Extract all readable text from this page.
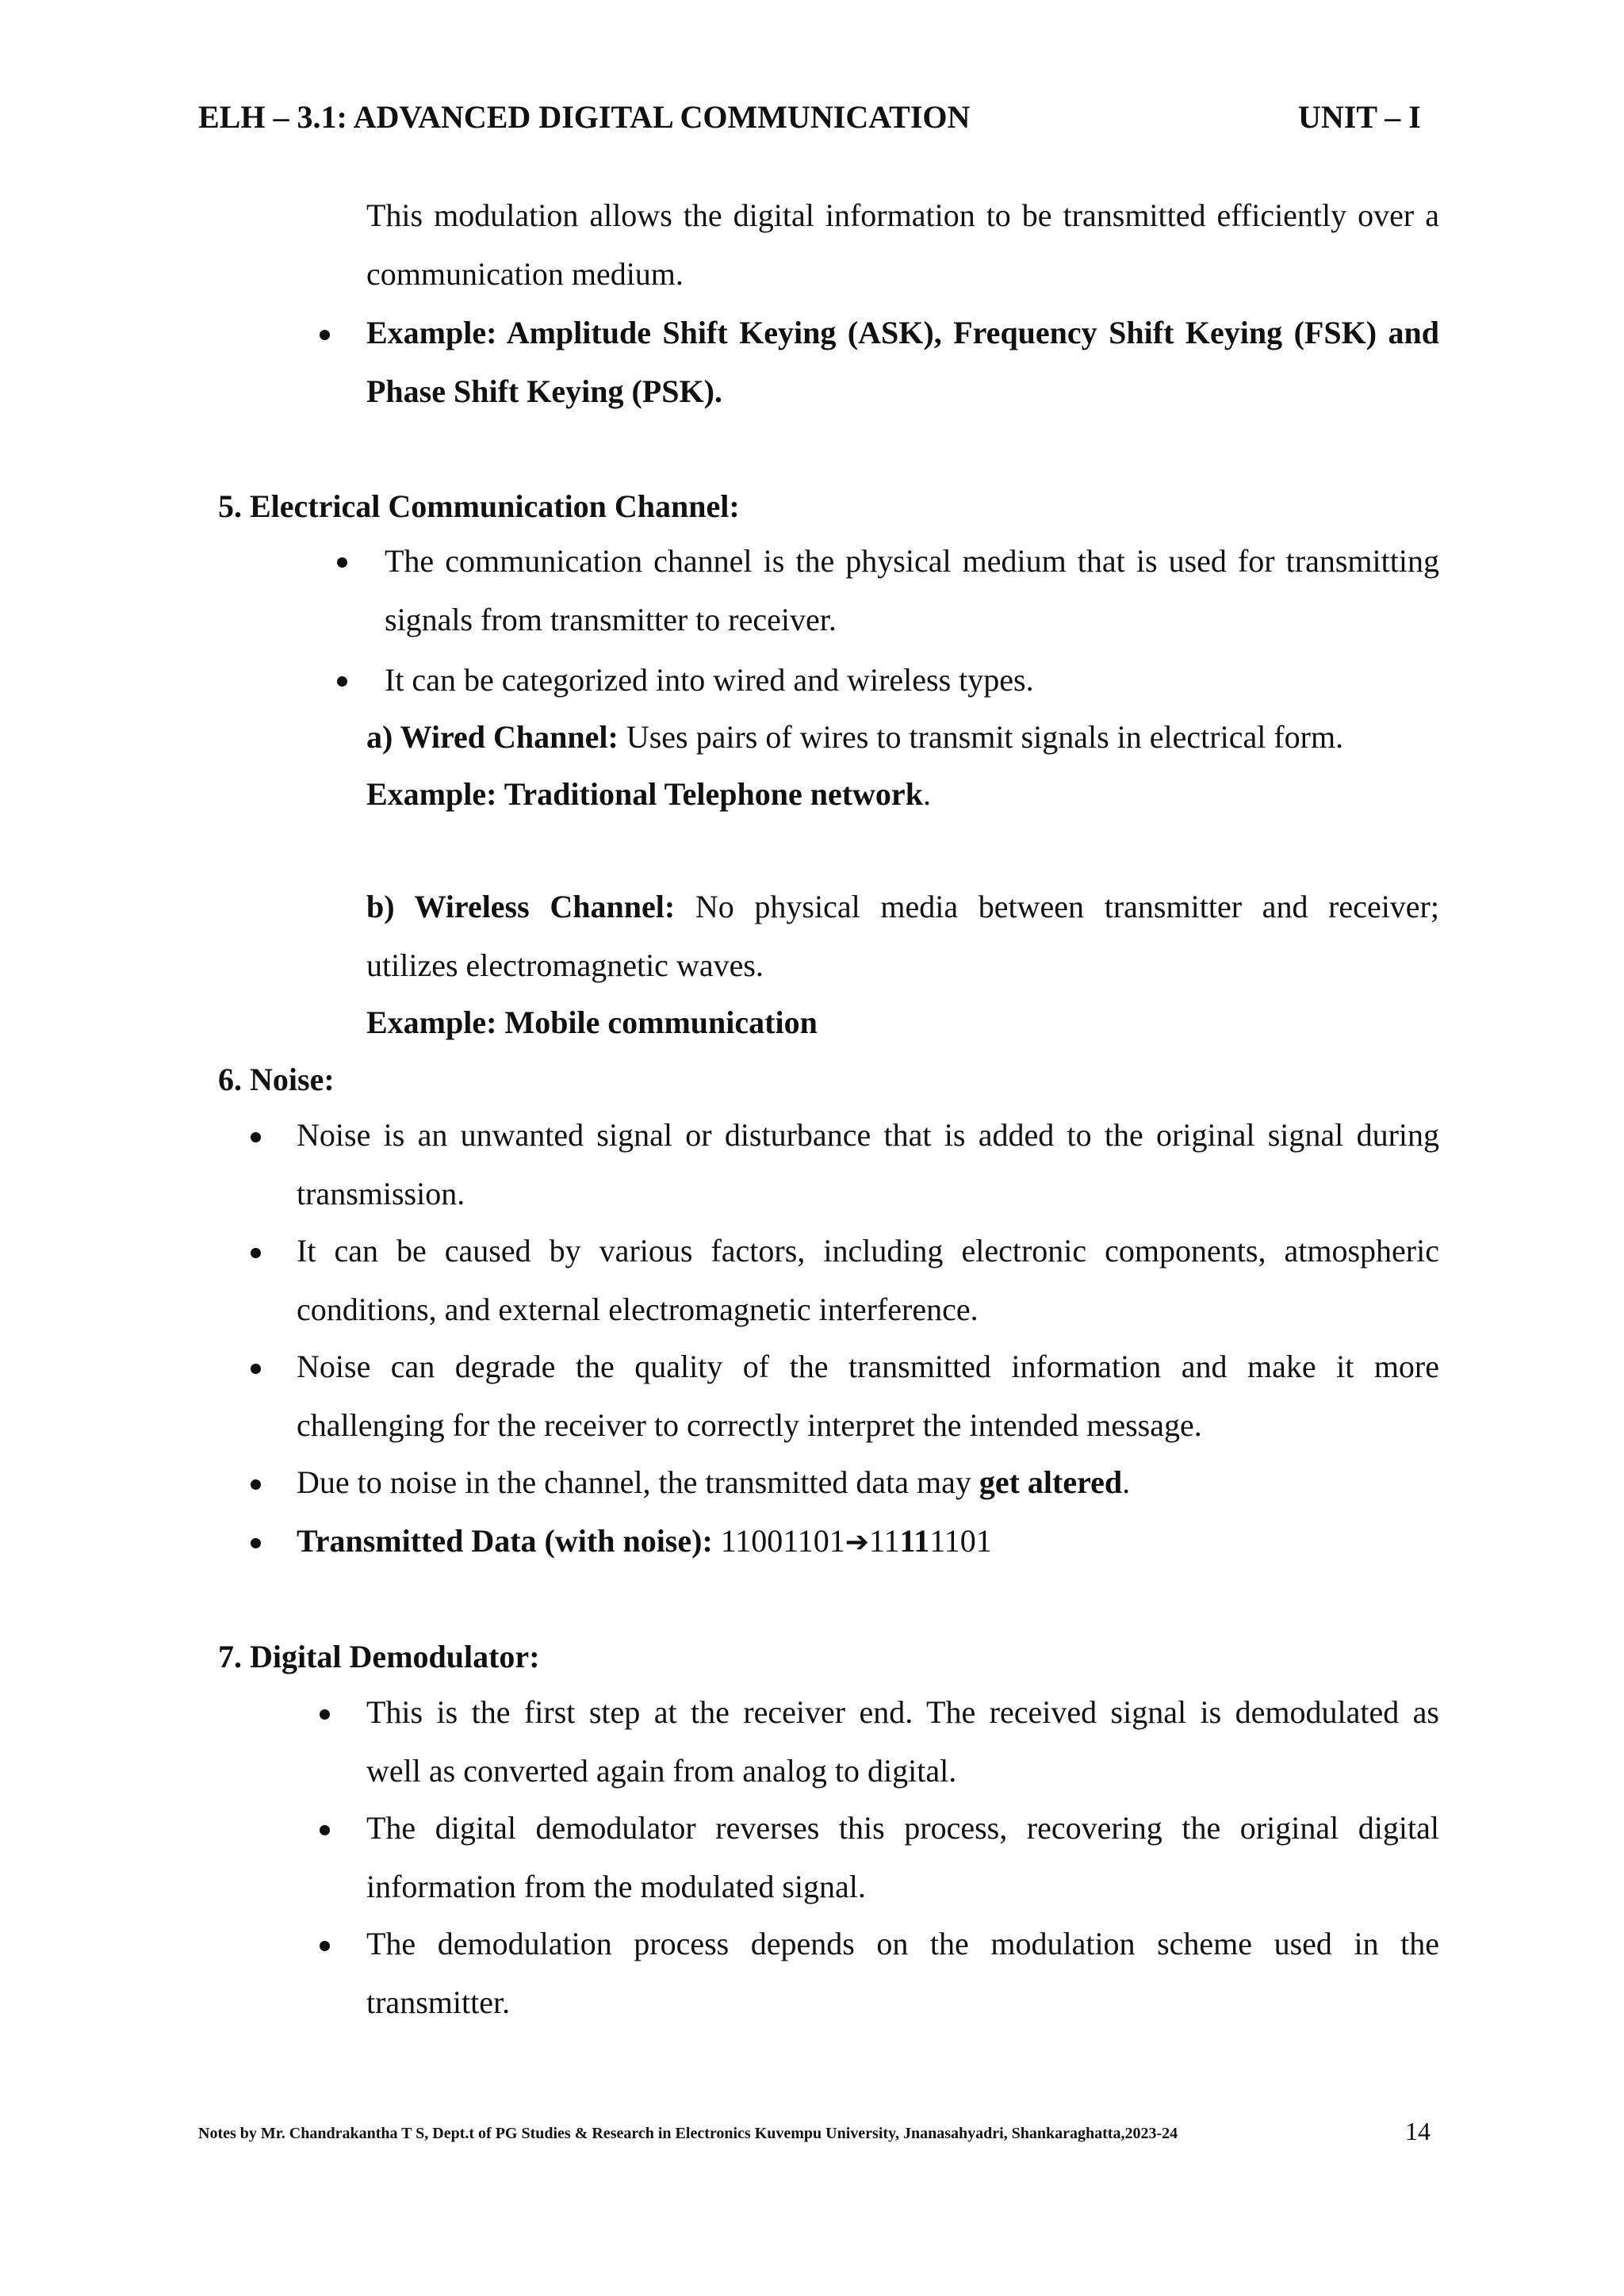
ELH – 3.1: ADVANCED DIGITAL COMMUNICATION	UNIT – I
This modulation allows the digital information to be transmitted efficiently over a
communication medium.
Example: Amplitude Shift Keying (ASK), Frequency Shift Keying (FSK) and
Phase Shift Keying (PSK).
5. Electrical Communication Channel:
The communication channel is the physical medium that is used for transmitting
signals from transmitter to receiver.
It can be categorized into wired and wireless types.
a) Wired Channel: Uses pairs of wires to transmit signals in electrical form.
Example: Traditional Telephone network.
b) Wireless Channel: No physical media between transmitter and receiver;
utilizes electromagnetic waves.
Example: Mobile communication
6. Noise:
Noise is an unwanted signal or disturbance that is added to the original signal during
transmission.
It can be caused by various factors, including electronic components, atmospheric
conditions, and external electromagnetic interference.
Noise can degrade the quality of the transmitted information and make it more
challenging for the receiver to correctly interpret the intended message.
Due to noise in the channel, the transmitted data may get altered.
Transmitted Data (with noise): 11001101➔11111101
7. Digital Demodulator:
This is the first step at the receiver end. The received signal is demodulated as
well as converted again from analog to digital.
The digital demodulator reverses this process, recovering the original digital
information from the modulated signal.
The demodulation process depends on the modulation scheme used in the
transmitter.
14
Notes by Mr. Chandrakantha T S, Dept.t of PG Studies & Research in Electronics Kuvempu University, Jnanasahyadri, Shankaraghatta,2023-24
